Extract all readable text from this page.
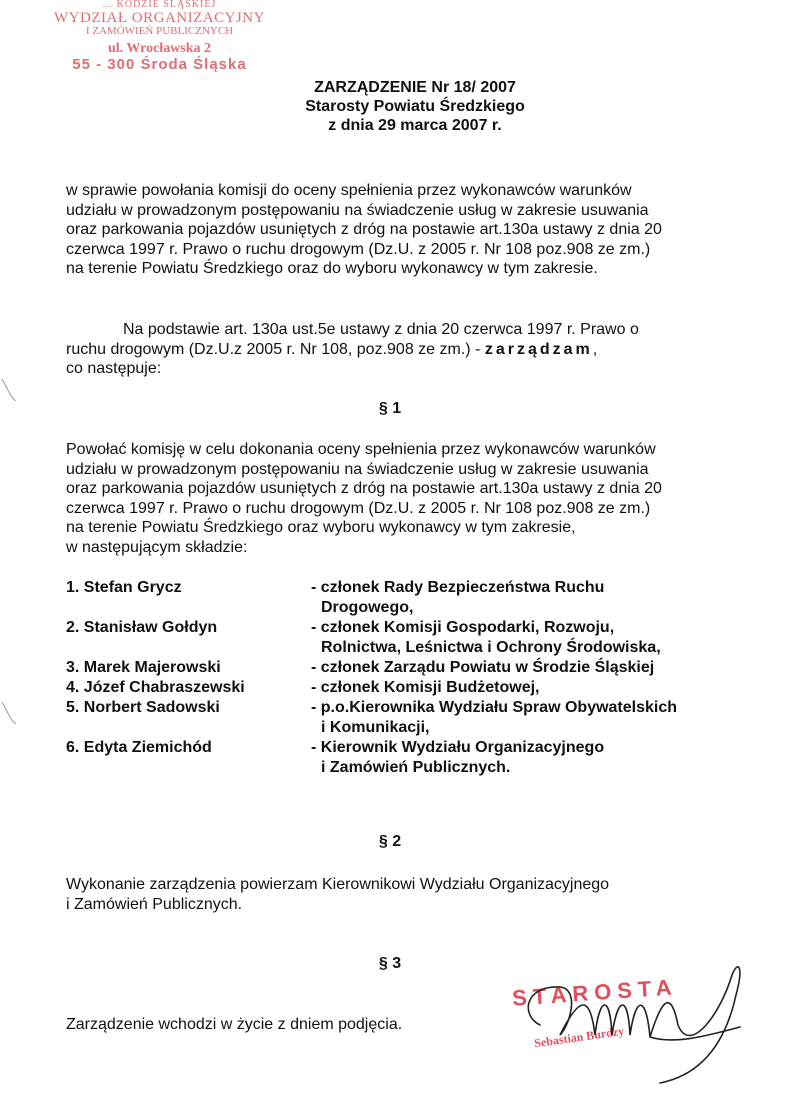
... KODZIE ŚLĄSKIEJ
WYDZIAŁ ORGANIZACYJNY
I ZAMÓWIEŃ PUBLICZNYCH
ul. Wrocławska 2
55 - 300 Środa Śląska
ZARZĄDZENIE Nr 18/ 2007
Starosty Powiatu Średzkiego
z dnia 29 marca 2007 r.
w sprawie powołania komisji do oceny spełnienia przez wykonawców warunków
udziału w prowadzonym postępowaniu na świadczenie usług w zakresie usuwania
oraz parkowania pojazdów usuniętych z dróg na postawie art.130a ustawy z dnia 20
czerwca 1997 r. Prawo o ruchu drogowym (Dz.U. z 2005 r. Nr 108 poz.908 ze zm.)
na terenie Powiatu Średzkiego oraz do wyboru wykonawcy w tym zakresie.
Na podstawie art. 130a ust.5e ustawy z dnia 20 czerwca 1997 r. Prawo o
ruchu drogowym (Dz.U.z 2005 r. Nr 108, poz.908 ze zm.) - zarządzam,
co następuje:
§ 1
Powołać komisję w celu dokonania oceny spełnienia przez wykonawców warunków
udziału w prowadzonym postępowaniu na świadczenie usług w zakresie usuwania
oraz parkowania pojazdów usuniętych z dróg na postawie art.130a ustawy z dnia 20
czerwca 1997 r. Prawo o ruchu drogowym (Dz.U. z 2005 r. Nr 108 poz.908 ze zm.)
na terenie Powiatu Średzkiego oraz wyboru wykonawcy w tym zakresie,
w następującym składzie:
1. Stefan Grycz	- członek Rady Bezpieczeństwa Ruchu
Drogowego,
2. Stanisław Gołdyn	- członek Komisji Gospodarki, Rozwoju,
Rolnictwa, Leśnictwa i Ochrony Środowiska,
3. Marek Majerowski	- członek Zarządu Powiatu w Środzie Śląskiej
4. Józef Chabraszewski	- członek Komisji Budżetowej,
5. Norbert Sadowski	- p.o.Kierownika Wydziału Spraw Obywatelskich
i Komunikacji,
6. Edyta Ziemichód	- Kierownik Wydziału Organizacyjnego
i Zamówień Publicznych.
§ 2
Wykonanie zarządzenia powierzam Kierownikowi Wydziału Organizacyjnego
i Zamówień Publicznych.
§ 3
Zarządzenie wchodzi w życie z dniem podjęcia.
STAROSTA
Sebastian Burdzy
